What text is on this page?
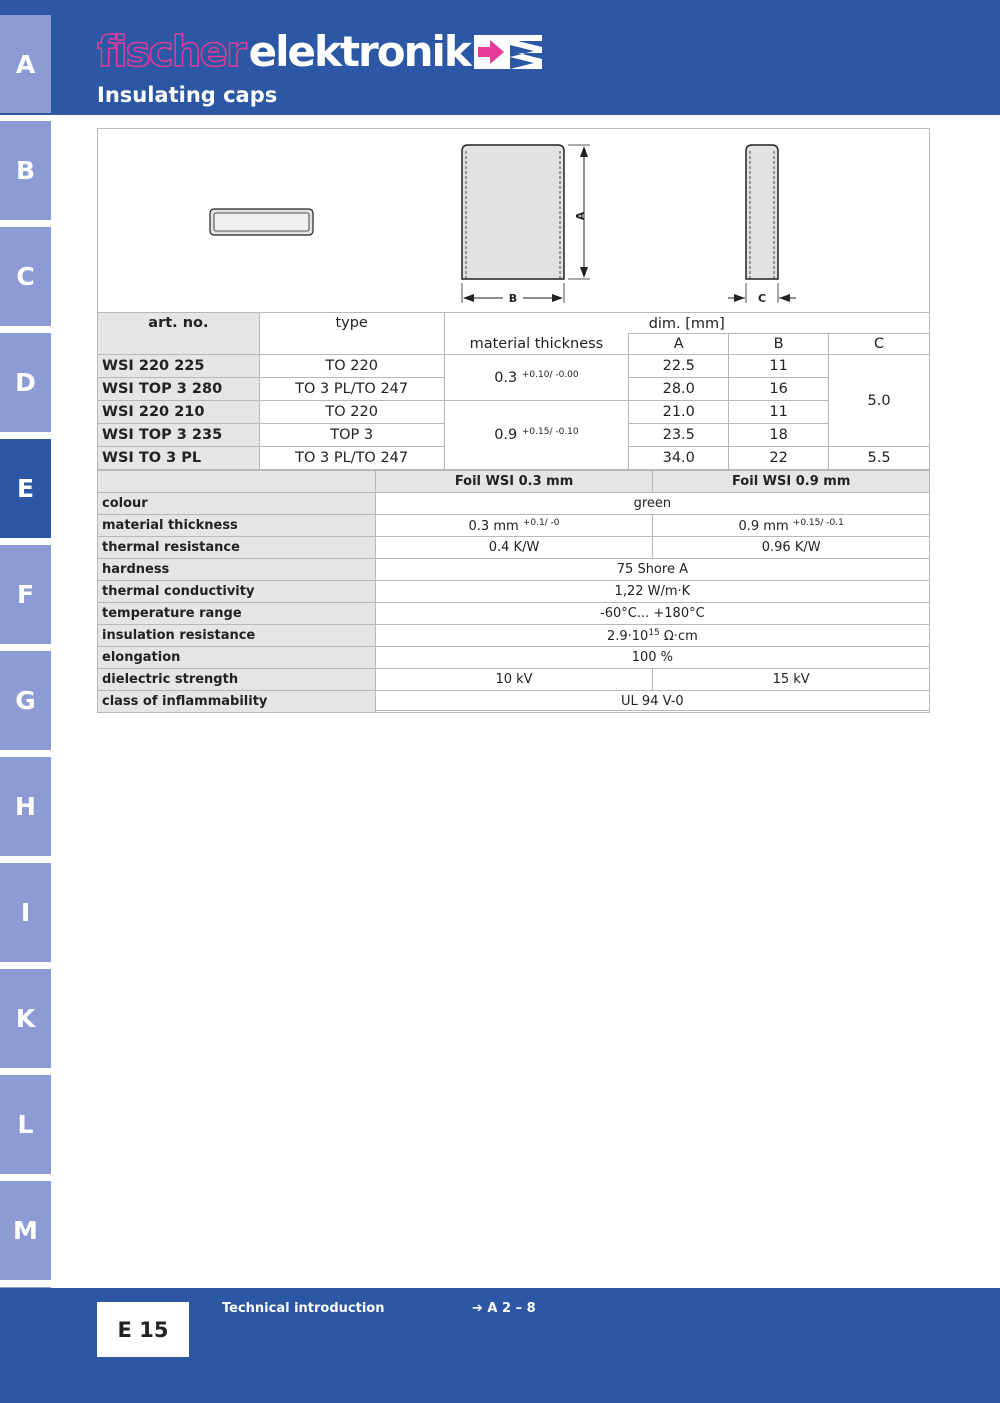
fischer elektronik
Insulating caps
A
B
C
D
E
F
G
H
I
K
L
M
A
B	C
art. no.	type	dim. [mm]			
		material thickness	A	B	C
WSI 220 225	TO 220	0.3 $^{+0.10/ -0.00}$	22.5	11	5.0
WSI TOP 3 280	TO 3 PL/TO 247		28.0	16	
WSI 220 210	TO 220	0.9 $^{+0.15/ -0.10}$	21.0	11	
WSI TOP 3 235	TOP 3		23.5	18	
WSI TO 3 PL	TO 3 PL/TO 247		34.0	22	5.5
	Foil WSI 0.3 mm	Foil WSI 0.9 mm
colour	green	
material thickness	0.3 mm $^{+0.1/ -0}$	0.9 mm $^{+0.15/ -0.1}$
thermal resistance	0.4 K/W	0.96 K/W
hardness	75 Shore A	
thermal conductivity	1,22 W/m·K	
temperature range	-60°C... +180°C	
insulation resistance	$2.9\cdot 10^{15}$ Ω·cm	
elongation	100 %	
dielectric strength	10 kV	15 kV
class of inflammability	UL 94 V-0	
E 15
Technical introduction	➔ A 2 – 8
